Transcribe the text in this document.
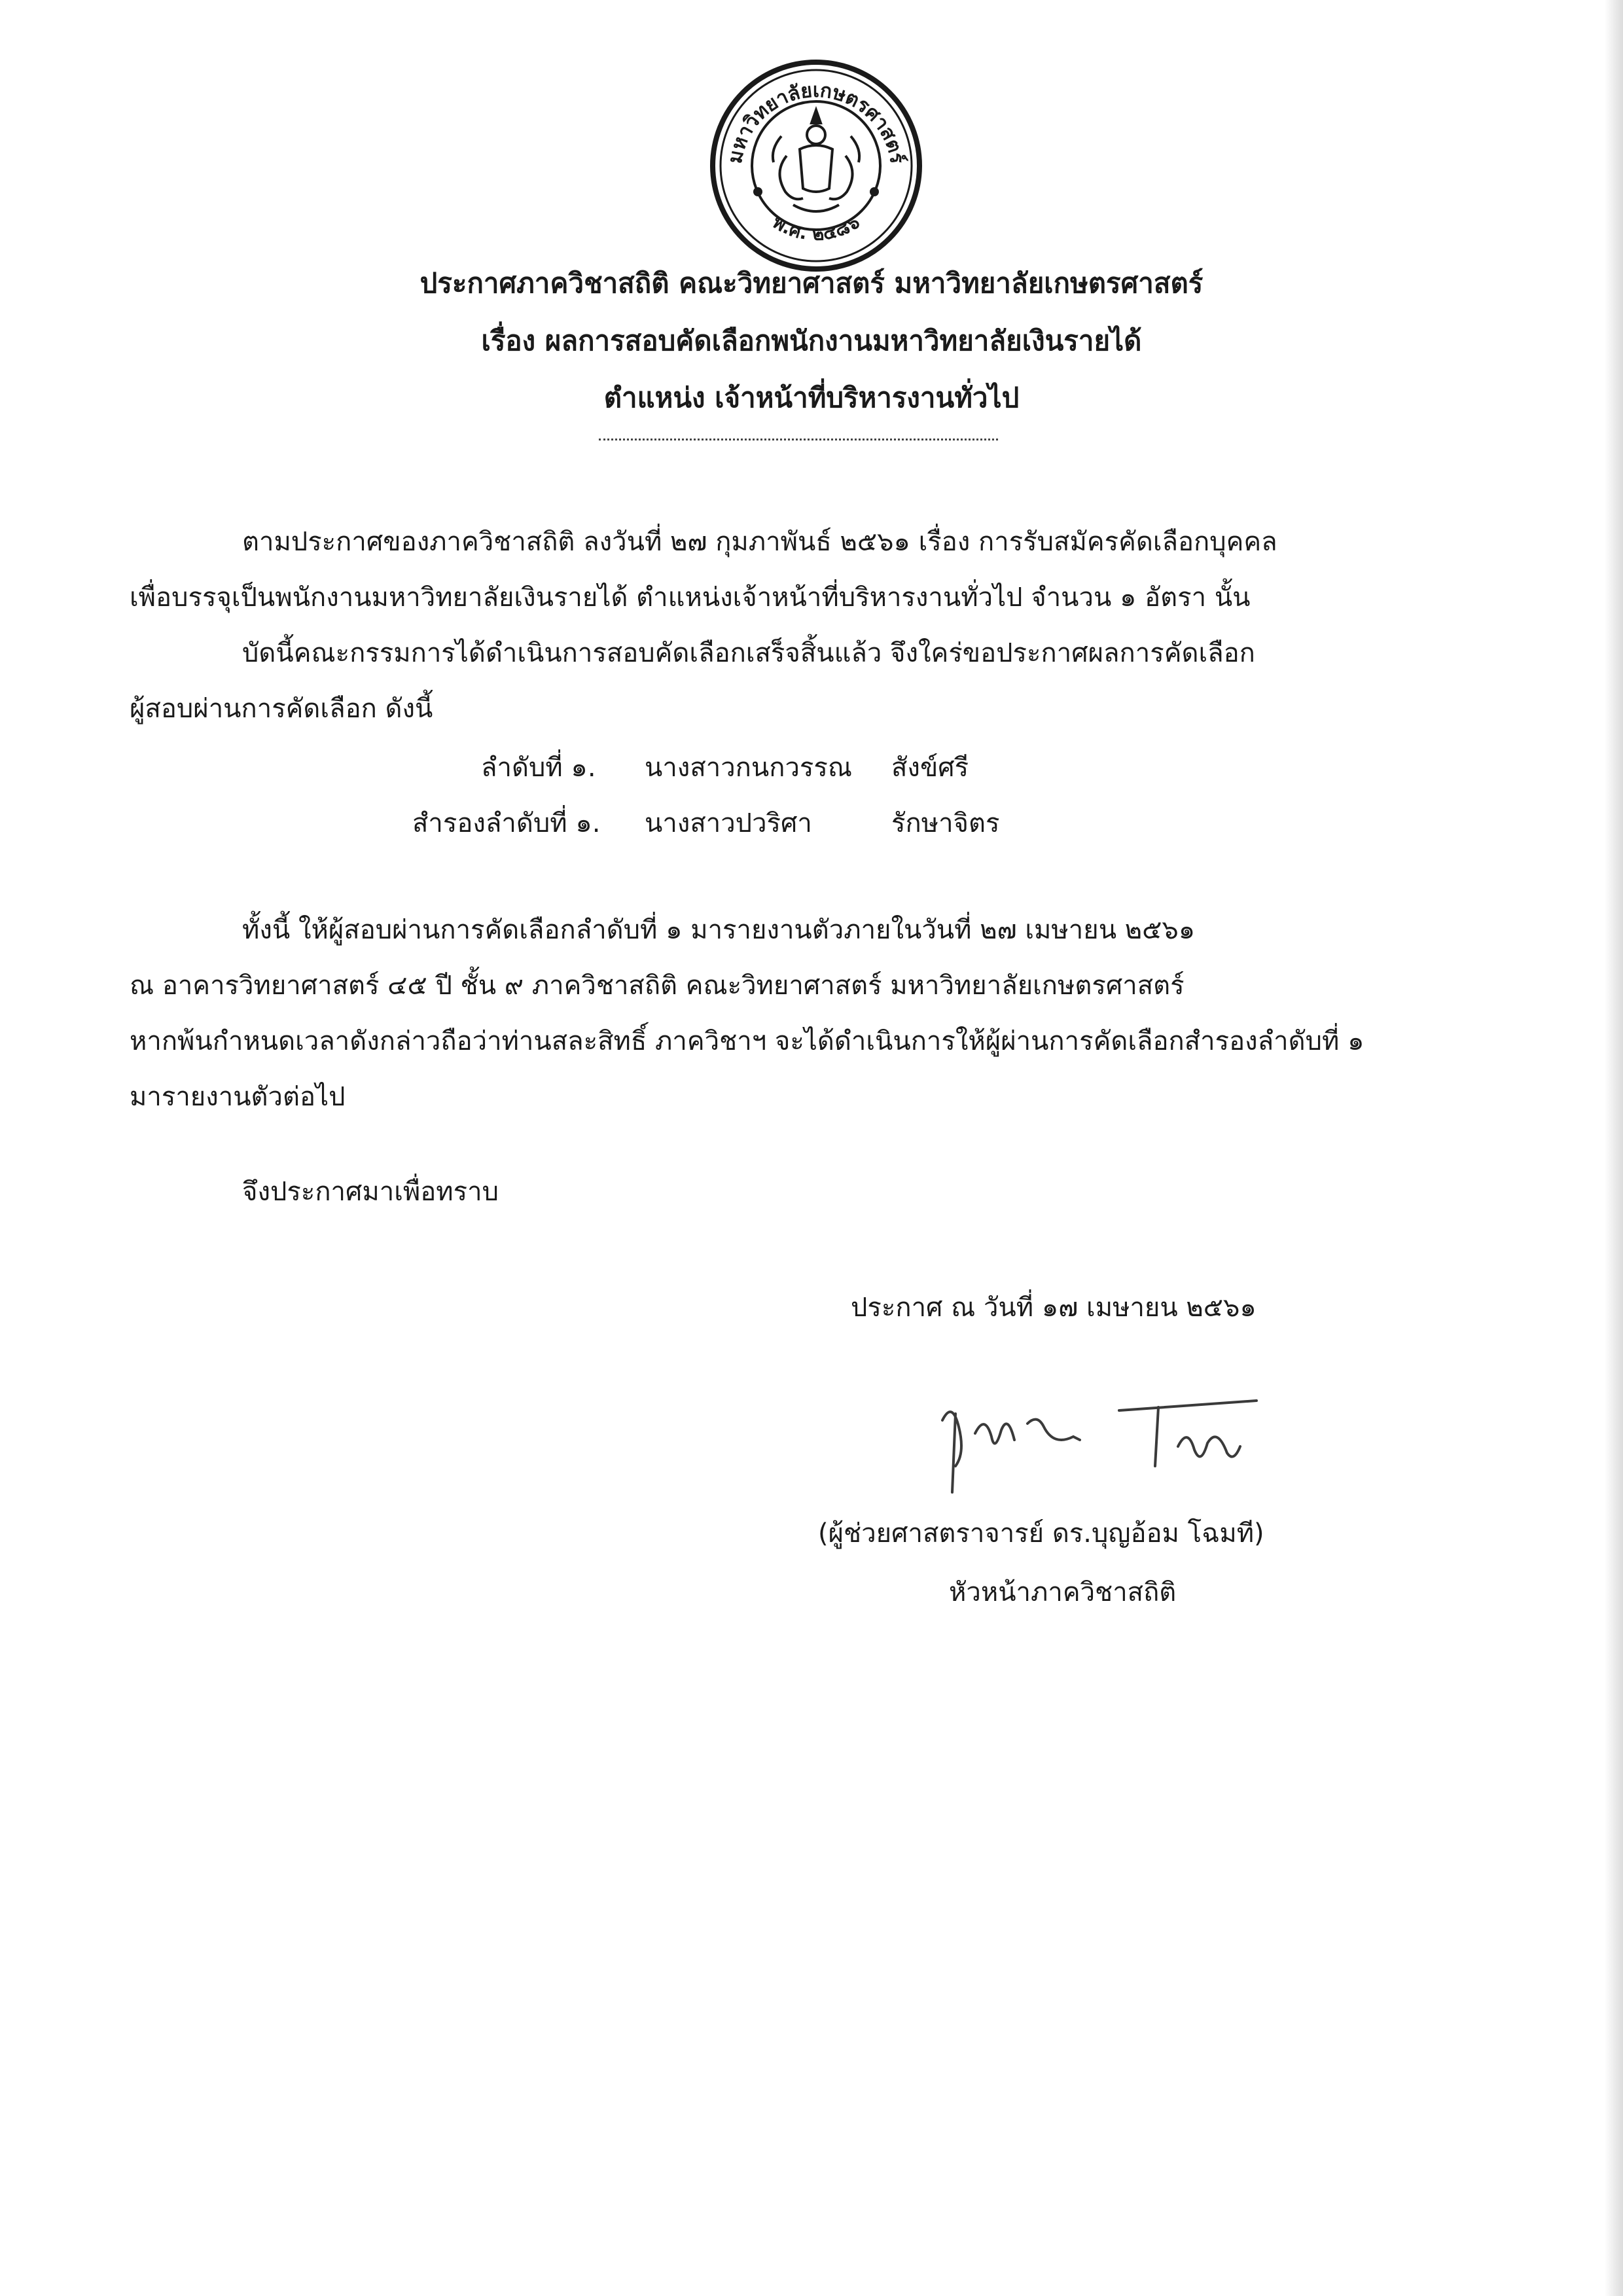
มหาวิทยาลัยเกษตรศาสตร์
พ.ศ. ๒๔๘๖
ประกาศภาควิชาสถิติ คณะวิทยาศาสตร์ มหาวิทยาลัยเกษตรศาสตร์
เรื่อง ผลการสอบคัดเลือกพนักงานมหาวิทยาลัยเงินรายได้
ตำแหน่ง เจ้าหน้าที่บริหารงานทั่วไป
ตามประกาศของภาควิชาสถิติ ลงวันที่ ๒๗ กุมภาพันธ์ ๒๕๖๑ เรื่อง การรับสมัครคัดเลือกบุคคล
เพื่อบรรจุเป็นพนักงานมหาวิทยาลัยเงินรายได้ ตำแหน่งเจ้าหน้าที่บริหารงานทั่วไป จำนวน ๑ อัตรา นั้น
บัดนี้คณะกรรมการได้ดำเนินการสอบคัดเลือกเสร็จสิ้นแล้ว จึงใคร่ขอประกาศผลการคัดเลือก
ผู้สอบผ่านการคัดเลือก ดังนี้
ลำดับที่ ๑. นางสาวกนกวรรณ สังข์ศรี
สำรองลำดับที่ ๑. นางสาวปวริศา	รักษาจิตร
ทั้งนี้ ให้ผู้สอบผ่านการคัดเลือกลำดับที่ ๑ มารายงานตัวภายในวันที่ ๒๗ เมษายน ๒๕๖๑
ณ อาคารวิทยาศาสตร์ ๔๕ ปี ชั้น ๙ ภาควิชาสถิติ คณะวิทยาศาสตร์ มหาวิทยาลัยเกษตรศาสตร์
หากพ้นกำหนดเวลาดังกล่าวถือว่าท่านสละสิทธิ์ ภาควิชาฯ จะได้ดำเนินการให้ผู้ผ่านการคัดเลือกสำรองลำดับที่ ๑
มารายงานตัวต่อไป
จึงประกาศมาเพื่อทราบ
ประกาศ ณ วันที่ ๑๗ เมษายน ๒๕๖๑
(ผู้ช่วยศาสตราจารย์ ดร.บุญอ้อม โฉมที)
หัวหน้าภาควิชาสถิติ
